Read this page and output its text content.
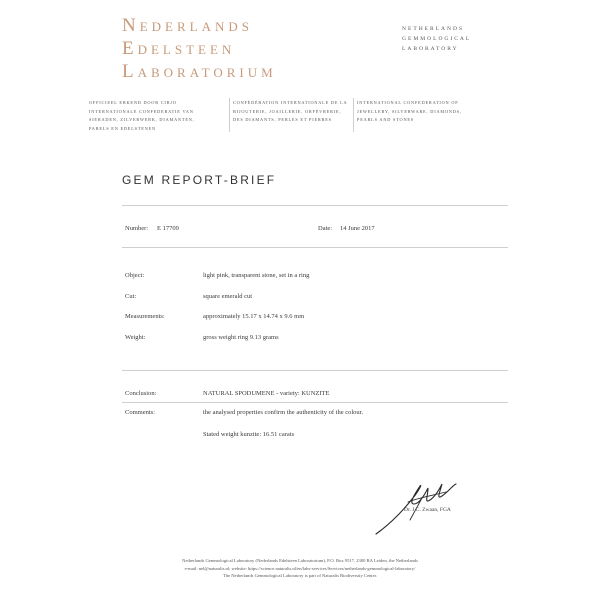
Nederlands
Edelsteen
Laboratorium
NETHERLANDS
GEMMOLOGICAL
LABORATORY
OFFICIEEL ERKEND DOOR CIBJO
INTERNATIONALE CONFEDERATIE VAN
SIERADEN, ZILVERWERK, DIAMANTEN,
PARELS EN EDELSTENEN
CONFÉDÉRATION INTERNATIONALE DE LA
BIJOUTERIE, JOAILLERIE, ORFÈVRERIE,
DES DIAMANTS, PERLES ET PIERRES
INTERNATIONAL CONFEDERATION OF
JEWELLERY, SILVERWARE, DIAMONDS,
PEARLS AND STONES
GEM REPORT-BRIEF
Number: E 17709	Date: 14 June 2017
Object:	light pink, transparent stone, set in a ring
Cut:	square emerald cut
Measurements:	approximately 15.17 x 14.74 x 9.6 mm
Weight:	gross weight ring 9.13 grams
Conclusion:	NATURAL SPODUMENE - variety: KUNZITE
Comments:	the analysed properties confirm the authenticity of the colour.
Stated weight kunzite: 16.51 carats
Dr. J.C. Zwaan, FGA
Netherlands Gemmological Laboratory (Nederlands Edelsteen Laboratorium), P.O. Box 9517, 2300 RA Leiden, the Netherlands
e-mail: nel@naturalis.nl; website: https://science.naturalis.nl/en/labs-services/Services/netherlands-gemmological-laboratory/
The Netherlands Gemmological Laboratory is part of Naturalis Biodiversity Center.
